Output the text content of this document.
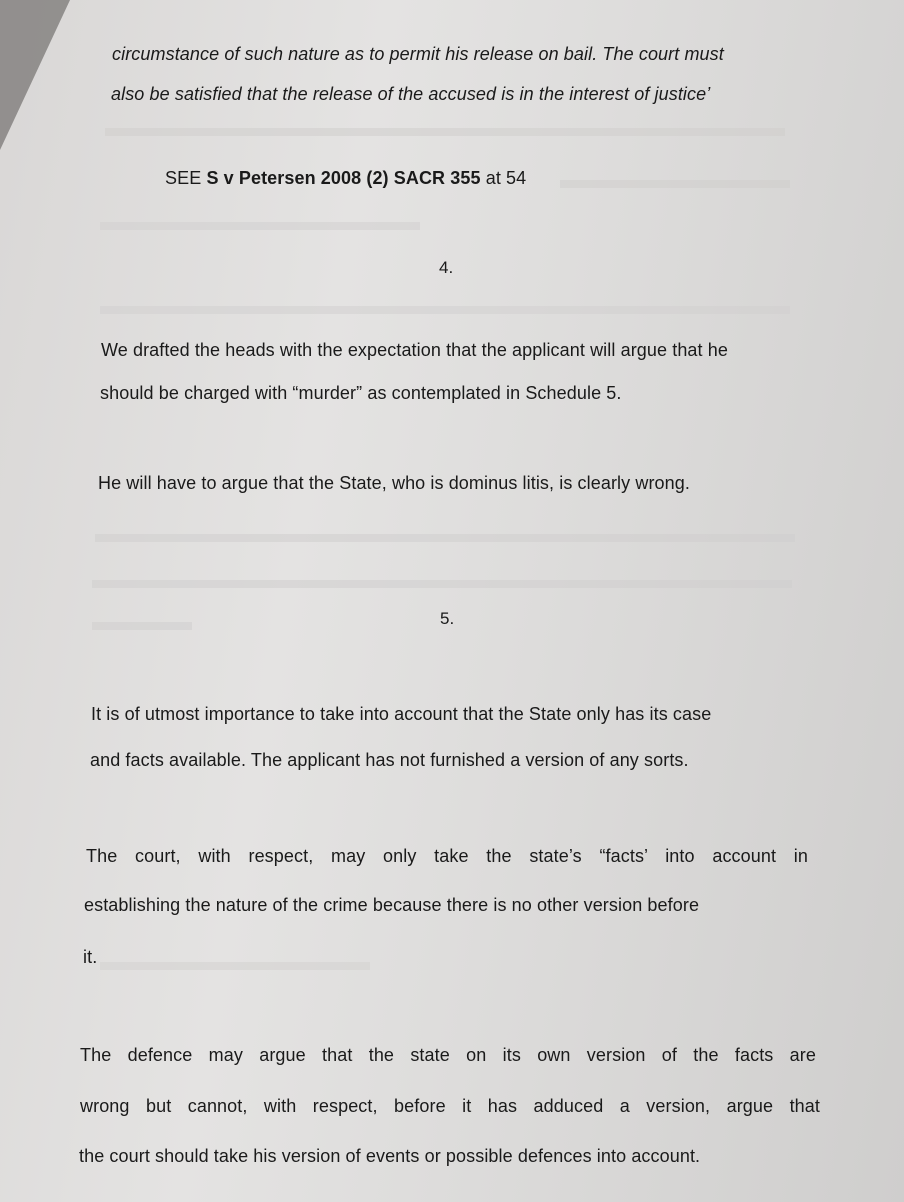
circumstance of such nature as to permit his release on bail. The court must
also be satisfied that the release of the accused is in the interest of justice’
SEE S v Petersen 2008 (2) SACR 355 at 54
4.
We drafted the heads with the expectation that the applicant will argue that he
should be charged with “murder” as contemplated in Schedule 5.
He will have to argue that the State, who is dominus litis, is clearly wrong.
5.
It is of utmost importance to take into account that the State only has its case
and facts available. The applicant has not furnished a version of any sorts.
The court, with respect, may only take the state’s “facts’ into account in
establishing the nature of the crime because there is no other version before
it.
The defence may argue that the state on its own version of the facts are
wrong but cannot, with respect, before it has adduced a version, argue that
the court should take his version of events or possible defences into account.
